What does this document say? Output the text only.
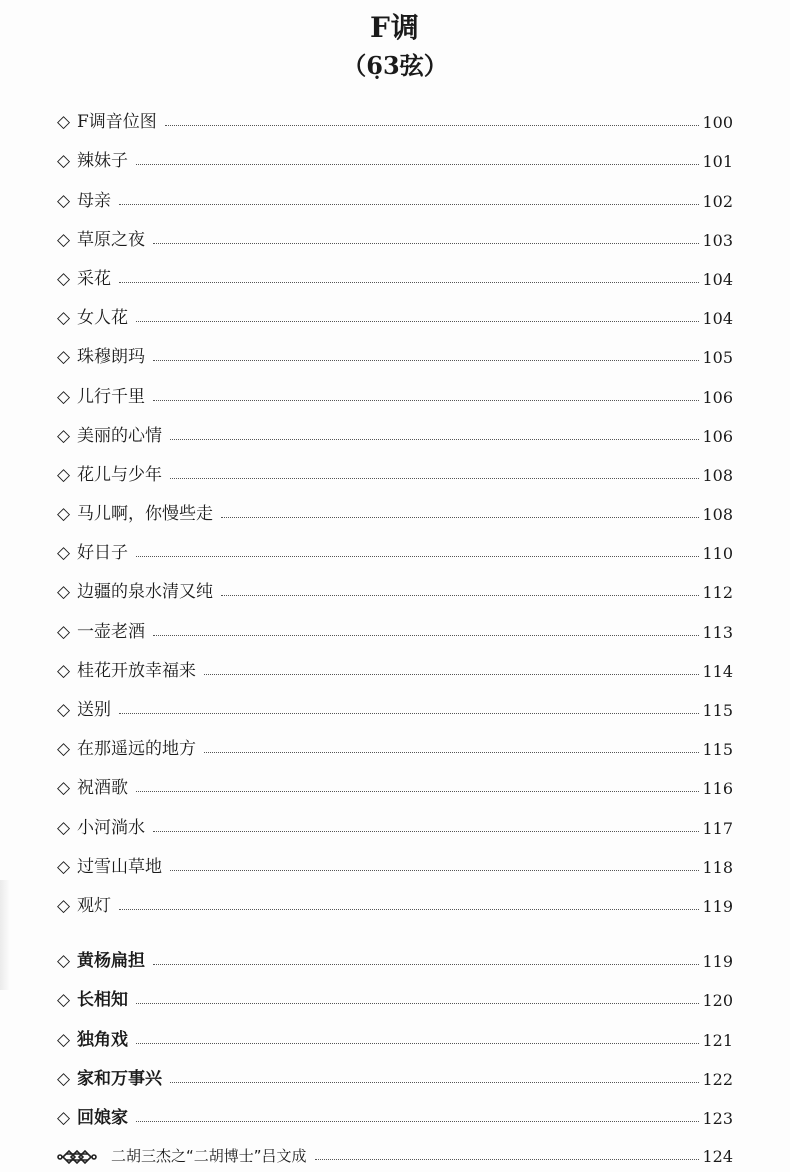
F调
（6̣3弦）
◇ F调音位图	100
◇ 辣妹子	101
◇ 母亲	102
◇ 草原之夜	103
◇ 采花	104
◇ 女人花	104
◇ 珠穆朗玛	105
◇ 儿行千里	106
◇ 美丽的心情	106
◇ 花儿与少年	108
◇ 马儿啊，你慢些走	108
◇ 好日子	110
◇ 边疆的泉水清又纯	112
◇ 一壶老酒	113
◇ 桂花开放幸福来	114
◇ 送别	115
◇ 在那遥远的地方	115
◇ 祝酒歌	116
◇ 小河淌水	117
◇ 过雪山草地	118
◇ 观灯	119
◇ 黄杨扁担	119
◇ 长相知	120
◇ 独角戏	121
◇ 家和万事兴	122
◇ 回娘家	123
二胡三杰之“二胡博士”吕文成	124
